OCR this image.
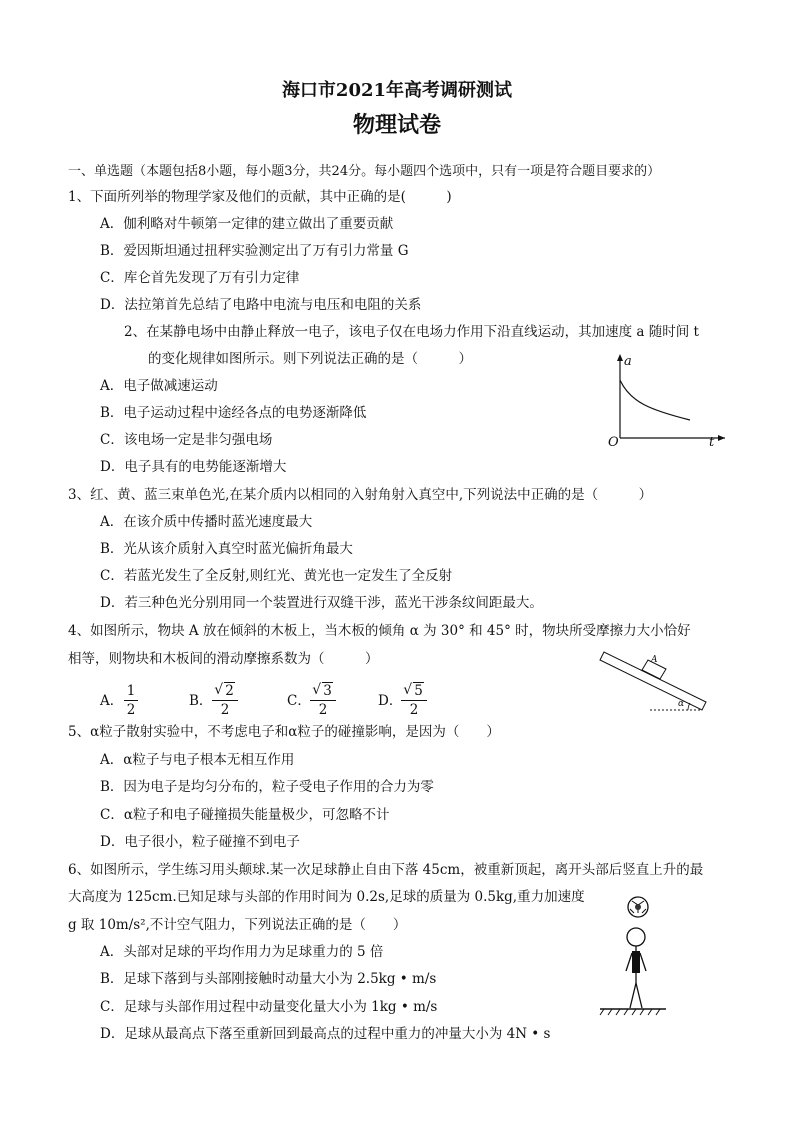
海口市2021年高考调研测试
物理试卷
一、单选题（本题包括8小题，每小题3分，共24分。每小题四个选项中，只有一项是符合题目要求的）
1、下面所列举的物理学家及他们的贡献，其中正确的是(　　　)
A．伽利略对牛顿第一定律的建立做出了重要贡献
B．爱因斯坦通过扭秤实验测定出了万有引力常量 G
C．库仑首先发现了万有引力定律
D．法拉第首先总结了电路中电流与电压和电阻的关系
2、在某静电场中由静止释放一电子，该电子仅在电场力作用下沿直线运动，其加速度 a 随时间 t
的变化规律如图所示。则下列说法正确的是（　　　）
A．电子做减速运动
B．电子运动过程中途经各点的电势逐渐降低
C．该电场一定是非匀强电场
D．电子具有的电势能逐渐增大
a
t
O
3、红、黄、蓝三束单色光,在某介质内以相同的入射角射入真空中,下列说法中正确的是（　　　）
A．在该介质中传播时蓝光速度最大
B．光从该介质射入真空时蓝光偏折角最大
C．若蓝光发生了全反射,则红光、黄光也一定发生了全反射
D．若三种色光分别用同一个装置进行双缝干涉，蓝光干涉条纹间距最大。
4、如图所示，物块 A 放在倾斜的木板上，当木板的倾角 α 为 30° 和 45° 时，物块所受摩擦力大小恰好
相等，则物块和木板间的滑动摩擦系数为（　　　）
A．
1
2
B．
√ 2
2
C．
√ 3
2
D．
√ 5
2
A
α
5、α粒子散射实验中，不考虑电子和α粒子的碰撞影响，是因为（　　）
A．α粒子与电子根本无相互作用
B．因为电子是均匀分布的，粒子受电子作用的合力为零
C．α粒子和电子碰撞损失能量极少，可忽略不计
D．电子很小，粒子碰撞不到电子
6、如图所示，学生练习用头颠球.某一次足球静止自由下落 45cm，被重新顶起，离开头部后竖直上升的最
大高度为 125cm.已知足球与头部的作用时间为 0.2s,足球的质量为 0.5kg,重力加速度
g 取 10m/s²,不计空气阻力，下列说法正确的是（　　）
A．头部对足球的平均作用力为足球重力的 5 倍
B．足球下落到与头部刚接触时动量大小为 2.5kg • m/s
C．足球与头部作用过程中动量变化量大小为 1kg • m/s
D．足球从最高点下落至重新回到最高点的过程中重力的冲量大小为 4N • s
